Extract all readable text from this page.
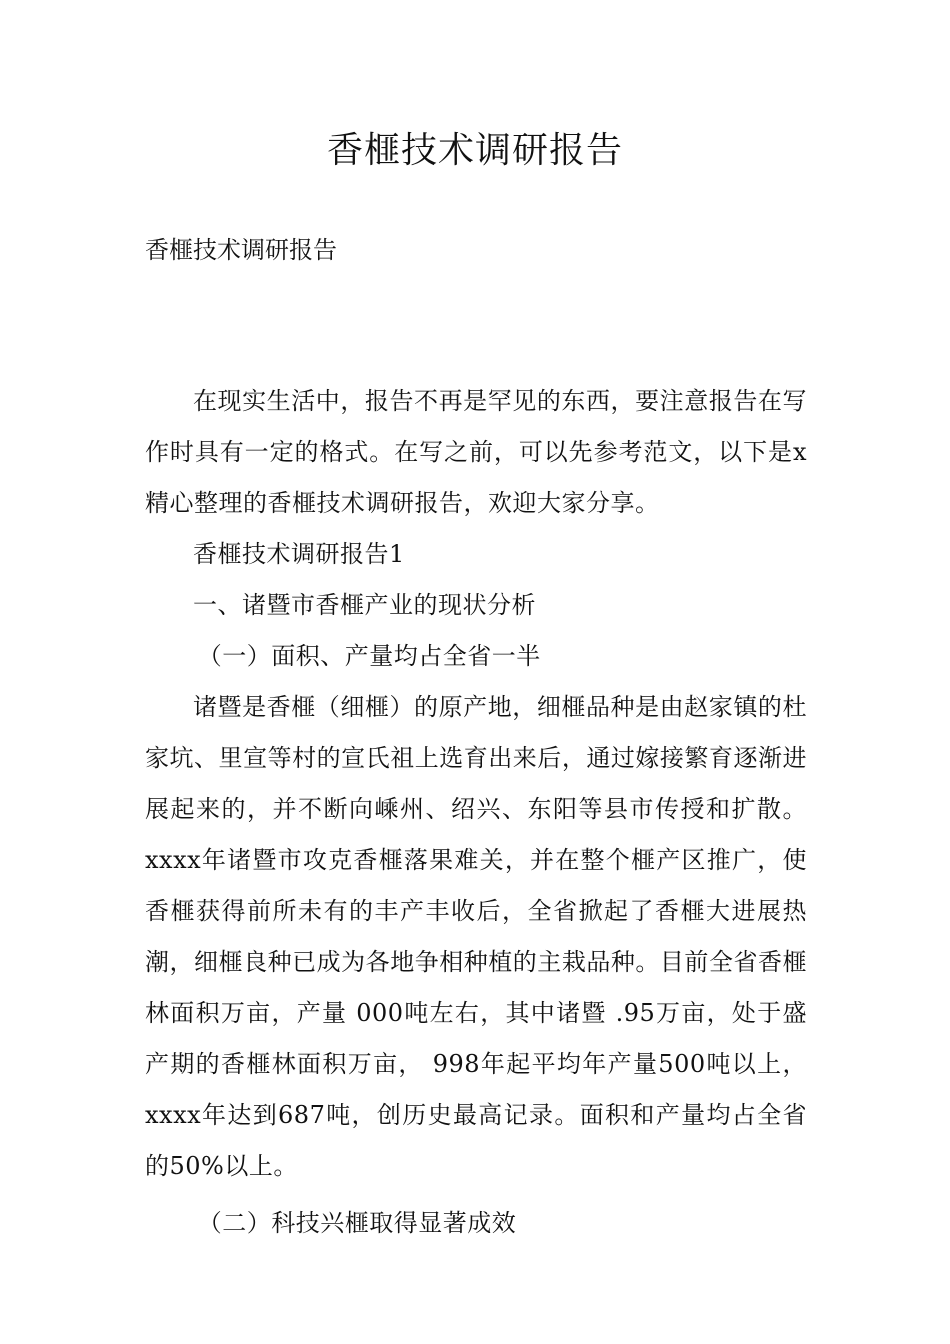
香榧技术调研报告

香榧技术调研报告

在现实生活中，报告不再是罕见的东西，要注意报告在写作时具有一定的格式。在写之前，可以先参考范文，以下是x精心整理的香榧技术调研报告，欢迎大家分享。

香榧技术调研报告1

一、诸暨市香榧产业的现状分析

（一）面积、产量均占全省一半

诸暨是香榧（细榧）的原产地，细榧品种是由赵家镇的杜家坑、里宣等村的宣氏祖上选育出来后，通过嫁接繁育逐渐进展起来的，并不断向嵊州、绍兴、东阳等县市传授和扩散。xxxx年诸暨市攻克香榧落果难关，并在整个榧产区推广，使香榧获得前所未有的丰产丰收后，全省掀起了香榧大进展热潮，细榧良种已成为各地争相种植的主栽品种。目前全省香榧林面积万亩，产量 000吨左右，其中诸暨 .95万亩，处于盛产期的香榧林面积万亩， 998年起平均年产量500吨以上，xxxx年达到687吨，创历史最高记录。面积和产量均占全省的50%以上。

（二）科技兴榧取得显著成效
